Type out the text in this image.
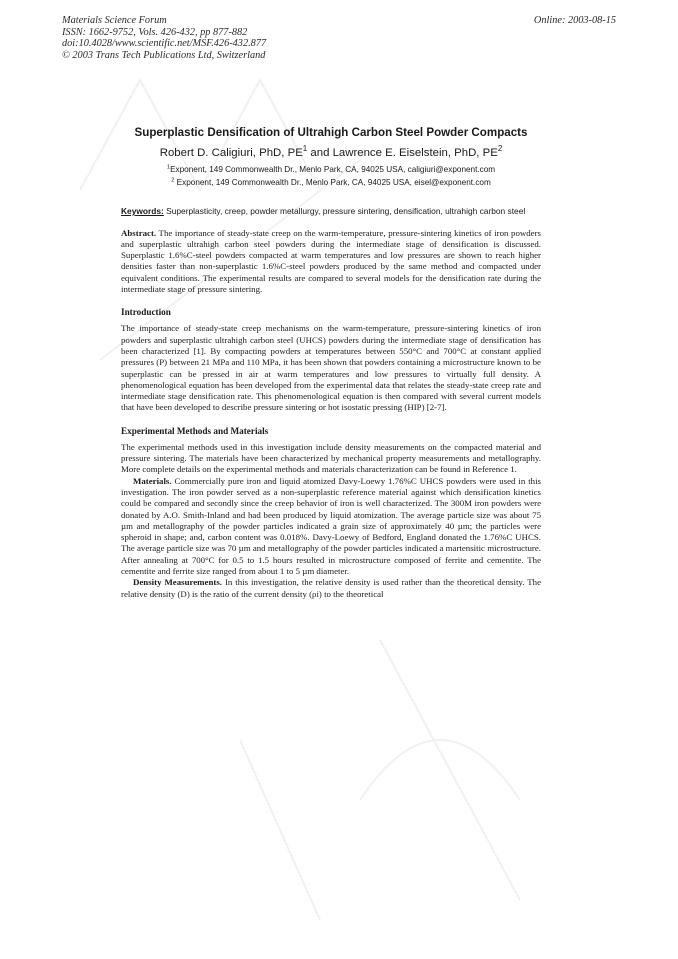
Materials Science Forum
ISSN: 1662-9752, Vols. 426-432, pp 877-882
doi:10.4028/www.scientific.net/MSF.426-432.877
© 2003 Trans Tech Publications Ltd, Switzerland
Online: 2003-08-15
Superplastic Densification of Ultrahigh Carbon Steel Powder Compacts
Robert D. Caligiuri, PhD, $PE^1$ and Lawrence E. Eiselstein, PhD, $PE^2$
$^1$Exponent, 149 Commonwealth Dr., Menlo Park, CA, 94025 USA, caligiuri@exponent.com
$^2$ Exponent, 149 Commonwealth Dr., Menlo Park, CA, 94025 USA, eisel@exponent.com
Keywords: Superplasticity, creep, powder metallurgy, pressure sintering, densification, ultrahigh carbon steel

Abstract. The importance of steady-state creep on the warm-temperature, pressure-sintering kinetics of iron powders and superplastic ultrahigh carbon steel powders during the intermediate stage of densification is discussed. Superplastic 1.6%C-steel powders compacted at warm temperatures and low pressures are shown to reach higher densities faster than non-superplastic 1.6%C-steel powders produced by the same method and compacted under equivalent conditions. The experimental results are compared to several models for the densification rate during the intermediate stage of pressure sintering.

Introduction

The importance of steady-state creep mechanisms on the warm-temperature, pressure-sintering kinetics of iron powders and superplastic ultrahigh carbon steel (UHCS) powders during the intermediate stage of densification has been characterized [1]. By compacting powders at temperatures between 550°C and 700°C at constant applied pressures (P) between 21 MPa and 110 MPa, it has been shown that powders containing a microstructure known to be superplastic can be pressed in air at warm temperatures and low pressures to virtually full density. A phenomenological equation has been developed from the experimental data that relates the steady-state creep rate and intermediate stage densification rate. This phenomenological equation is then compared with several current models that have been developed to describe pressure sintering or hot isostatic pressing (HIP) [2-7].

Experimental Methods and Materials

The experimental methods used in this investigation include density measurements on the compacted material and pressure sintering. The materials have been characterized by mechanical property measurements and metallography. More complete details on the experimental methods and materials characterization can be found in Reference 1.

Materials. Commercially pure iron and liquid atomized Davy-Loewy 1.76%C UHCS powders were used in this investigation. The iron powder served as a non-superplastic reference material against which densification kinetics could be compared and secondly since the creep behavior of iron is well characterized. The 300M iron powders were donated by A.O. Smith-Inland and had been produced by liquid atomization. The average particle size was about 75 µm and metallography of the powder particles indicated a grain size of approximately 40 µm; the particles were spheroid in shape; and, carbon content was 0.018%. Davy-Loewy of Bedford, England donated the 1.76%C UHCS. The average particle size was 70 µm and metallography of the powder particles indicated a martensitic microstructure. After annealing at 700°C for 0.5 to 1.5 hours resulted in microstructure composed of ferrite and cementite. The cementite and ferrite size ranged from about 1 to 5 µm diameter.

Density Measurements. In this investigation, the relative density is used rather than the theoretical density. The relative density (D) is the ratio of the current density (ρi) to the theoretical
